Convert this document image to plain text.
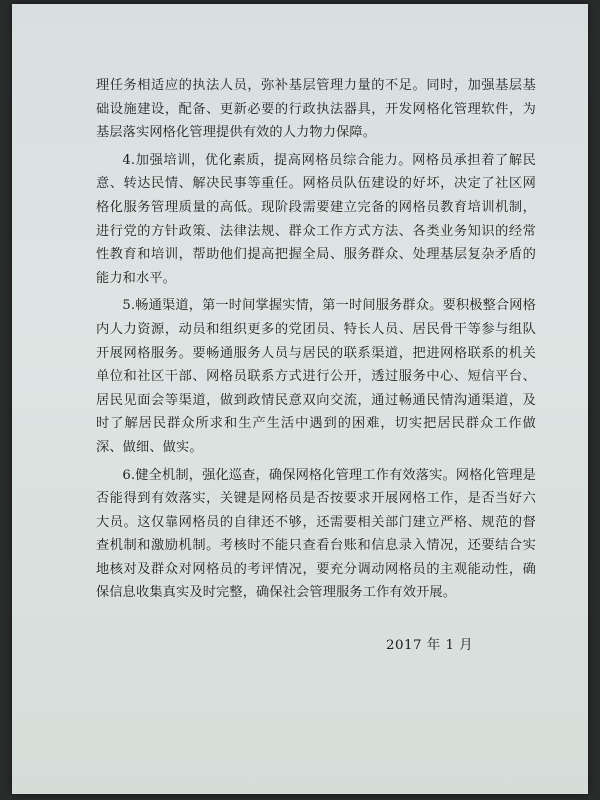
理任务相适应的执法人员，弥补基层管理力量的不足。同时，加强基层基础设施建设，配备、更新必要的行政执法器具，开发网格化管理软件，为基层落实网格化管理提供有效的人力物力保障。

4.加强培训，优化素质，提高网格员综合能力。网格员承担着了解民意、转达民情、解决民事等重任。网格员队伍建设的好坏，决定了社区网格化服务管理质量的高低。现阶段需要建立完备的网格员教育培训机制，进行党的方针政策、法律法规、群众工作方式方法、各类业务知识的经常性教育和培训，帮助他们提高把握全局、服务群众、处理基层复杂矛盾的能力和水平。

5.畅通渠道，第一时间掌握实情，第一时间服务群众。要积极整合网格内人力资源，动员和组织更多的党团员、特长人员、居民骨干等参与组队开展网格服务。要畅通服务人员与居民的联系渠道，把进网格联系的机关单位和社区干部、网格员联系方式进行公开，透过服务中心、短信平台、居民见面会等渠道，做到政情民意双向交流，通过畅通民情沟通渠道，及时了解居民群众所求和生产生活中遇到的困难，切实把居民群众工作做深、做细、做实。

6.健全机制，强化巡查，确保网格化管理工作有效落实。网格化管理是否能得到有效落实，关键是网格员是否按要求开展网格工作，是否当好六大员。这仅靠网格员的自律还不够，还需要相关部门建立严格、规范的督查机制和激励机制。考核时不能只查看台账和信息录入情况，还要结合实地核对及群众对网格员的考评情况，要充分调动网格员的主观能动性，确保信息收集真实及时完整，确保社会管理服务工作有效开展。

2017 年 1 月
